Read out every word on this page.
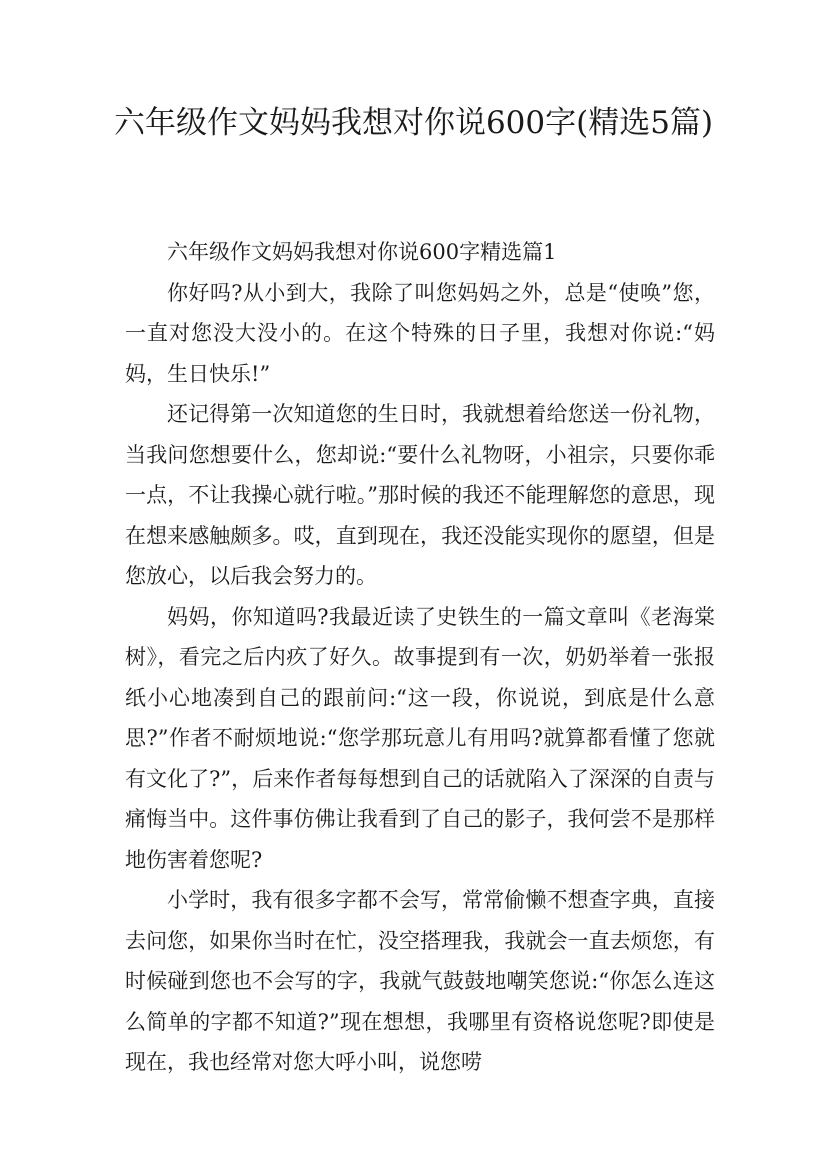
六年级作文妈妈我想对你说600字(精选5篇)

六年级作文妈妈我想对你说600字精选篇1

你好吗?从小到大，我除了叫您妈妈之外，总是“使唤”您，一直对您没大没小的。在这个特殊的日子里，我想对你说:“妈妈，生日快乐!”

还记得第一次知道您的生日时，我就想着给您送一份礼物，当我问您想要什么，您却说:“要什么礼物呀，小祖宗，只要你乖一点，不让我操心就行啦。”那时候的我还不能理解您的意思，现在想来感触颇多。哎，直到现在，我还没能实现你的愿望，但是您放心，以后我会努力的。

妈妈，你知道吗?我最近读了史铁生的一篇文章叫《老海棠树》，看完之后内疚了好久。故事提到有一次，奶奶举着一张报纸小心地凑到自己的跟前问:“这一段，你说说，到底是什么意思?”作者不耐烦地说:“您学那玩意儿有用吗?就算都看懂了您就有文化了?”，后来作者每每想到自己的话就陷入了深深的自责与痛悔当中。这件事仿佛让我看到了自己的影子，我何尝不是那样地伤害着您呢?

小学时，我有很多字都不会写，常常偷懒不想查字典，直接去问您，如果你当时在忙，没空搭理我，我就会一直去烦您，有时候碰到您也不会写的字，我就气鼓鼓地嘲笑您说:“你怎么连这么简单的字都不知道?”现在想想，我哪里有资格说您呢?即使是现在，我也经常对您大呼小叫，说您唠
